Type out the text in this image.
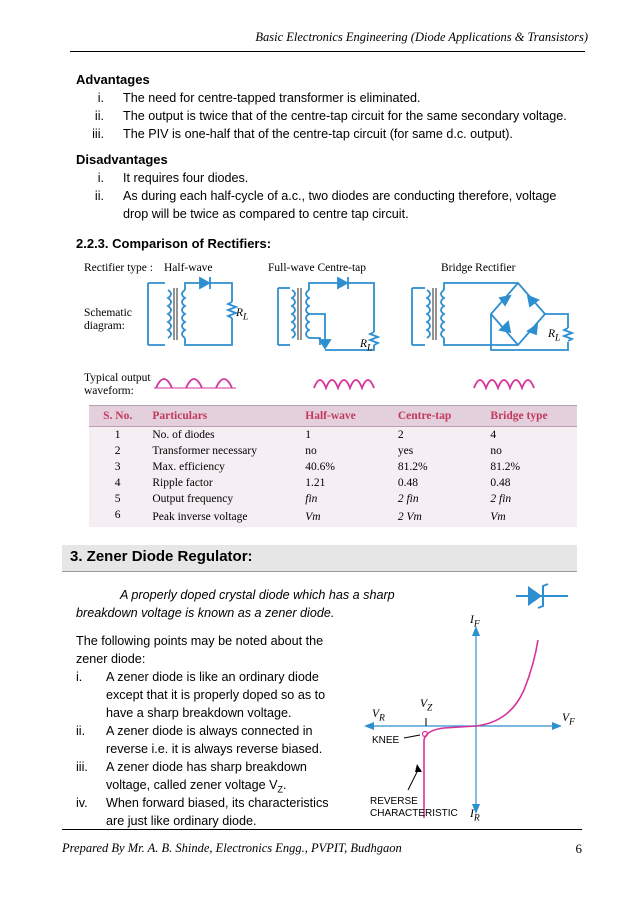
Basic Electronics Engineering (Diode Applications & Transistors)
Advantages
i. The need for centre-tapped transformer is eliminated.
ii. The output is twice that of the centre-tap circuit for the same secondary voltage.
iii. The PIV is one-half that of the centre-tap circuit (for same d.c. output).
Disadvantages
i. It requires four diodes.
ii. As during each half-cycle of a.c., two diodes are conducting therefore, voltage
drop will be twice as compared to centre tap circuit.
2.2.3. Comparison of Rectifiers:
Rectifier type : Half-wave	Full-wave Centre-tap	Bridge Rectifier
Schematic
diagram:
Typical output
waveform:
$R_L$
$R_L$
$R_L$
S. No.	Particulars	Half-wave	Centre-tap	Bridge type
1	No. of diodes	1	2	4
2	Transformer necessary	no	yes	no
3	Max. efficiency	40.6%	81.2%	81.2%
4	Ripple factor	1.21	0.48	0.48
5	Output frequency	fin	2 fin	2 fin
6	Peak inverse voltage	Vm	2 Vm	Vm
3. Zener Diode Regulator:
A properly doped crystal diode which has a sharp
breakdown voltage is known as a zener diode.
The following points may be noted about the
zener diode:
i. A zener diode is like an ordinary diode
except that it is properly doped so as to
have a sharp breakdown voltage.
ii. A zener diode is always connected in
reverse i.e. it is always reverse biased.
iii. A zener diode has sharp breakdown
voltage, called zener voltage $V_Z$.
iv. When forward biased, its characteristics
are just like ordinary diode.
$I_F$
$I_R$
$V_R$	$V_F$
$V_Z$
KNEE
REVERSE
CHARACTERISTIC
Prepared By Mr. A. B. Shinde, Electronics Engg., PVPIT, Budhgaon	6
